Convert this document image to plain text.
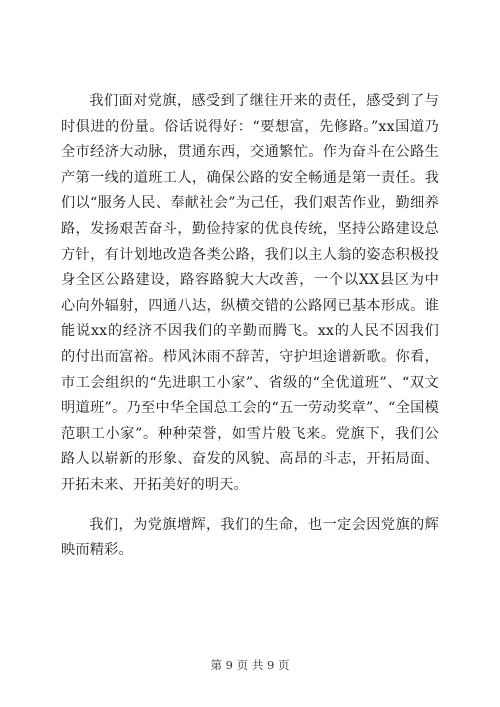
我们面对党旗，感受到了继往开来的责任，感受到了与时俱进的份量。俗话说得好：“要想富，先修路。”xx国道乃全市经济大动脉，贯通东西，交通繁忙。作为奋斗在公路生产第一线的道班工人，确保公路的安全畅通是第一责任。我们以“服务人民、奉献社会”为己任，我们艰苦作业，勤细养路，发扬艰苦奋斗，勤俭持家的优良传统，坚持公路建设总方针，有计划地改造各类公路，我们以主人翁的姿态积极投身全区公路建设，路容路貌大大改善，一个以XX县区为中心向外辐射，四通八达，纵横交错的公路网已基本形成。谁能说xx的经济不因我们的辛勤而腾飞。xx的人民不因我们的付出而富裕。栉风沐雨不辞苦，守护坦途谱新歌。你看，市工会组织的“先进职工小家”、省级的“全优道班”、“双文明道班”。乃至中华全国总工会的“五一劳动奖章”、“全国模范职工小家”。种种荣誉，如雪片般飞来。党旗下，我们公路人以崭新的形象、奋发的风貌、高昂的斗志，开拓局面、开拓未来、开拓美好的明天。

我们，为党旗增辉，我们的生命，也一定会因党旗的辉映而精彩。

第 9 页 共 9 页
